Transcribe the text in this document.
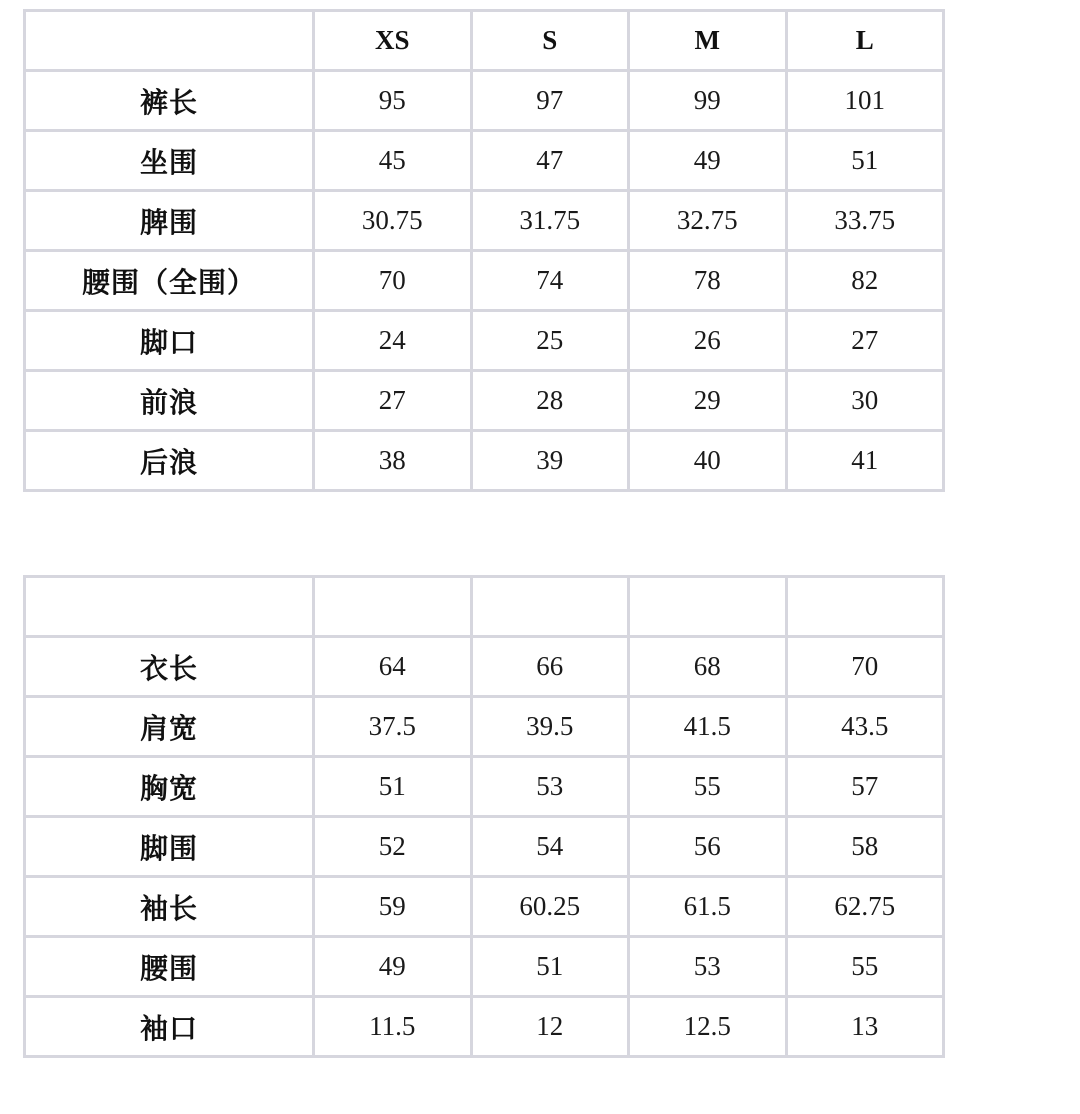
	XS	S	M	L
裤长	95	97	99	101
坐围	45	47	49	51
脾围	30.75	31.75	32.75	33.75
腰围（全围）	70	74	78	82
脚口	24	25	26	27
前浪	27	28	29	30
后浪	38	39	40	41

衣长	64	66	68	70
肩宽	37.5	39.5	41.5	43.5
胸宽	51	53	55	57
脚围	52	54	56	58
袖长	59	60.25	61.5	62.75
腰围	49	51	53	55
袖口	11.5	12	12.5	13
